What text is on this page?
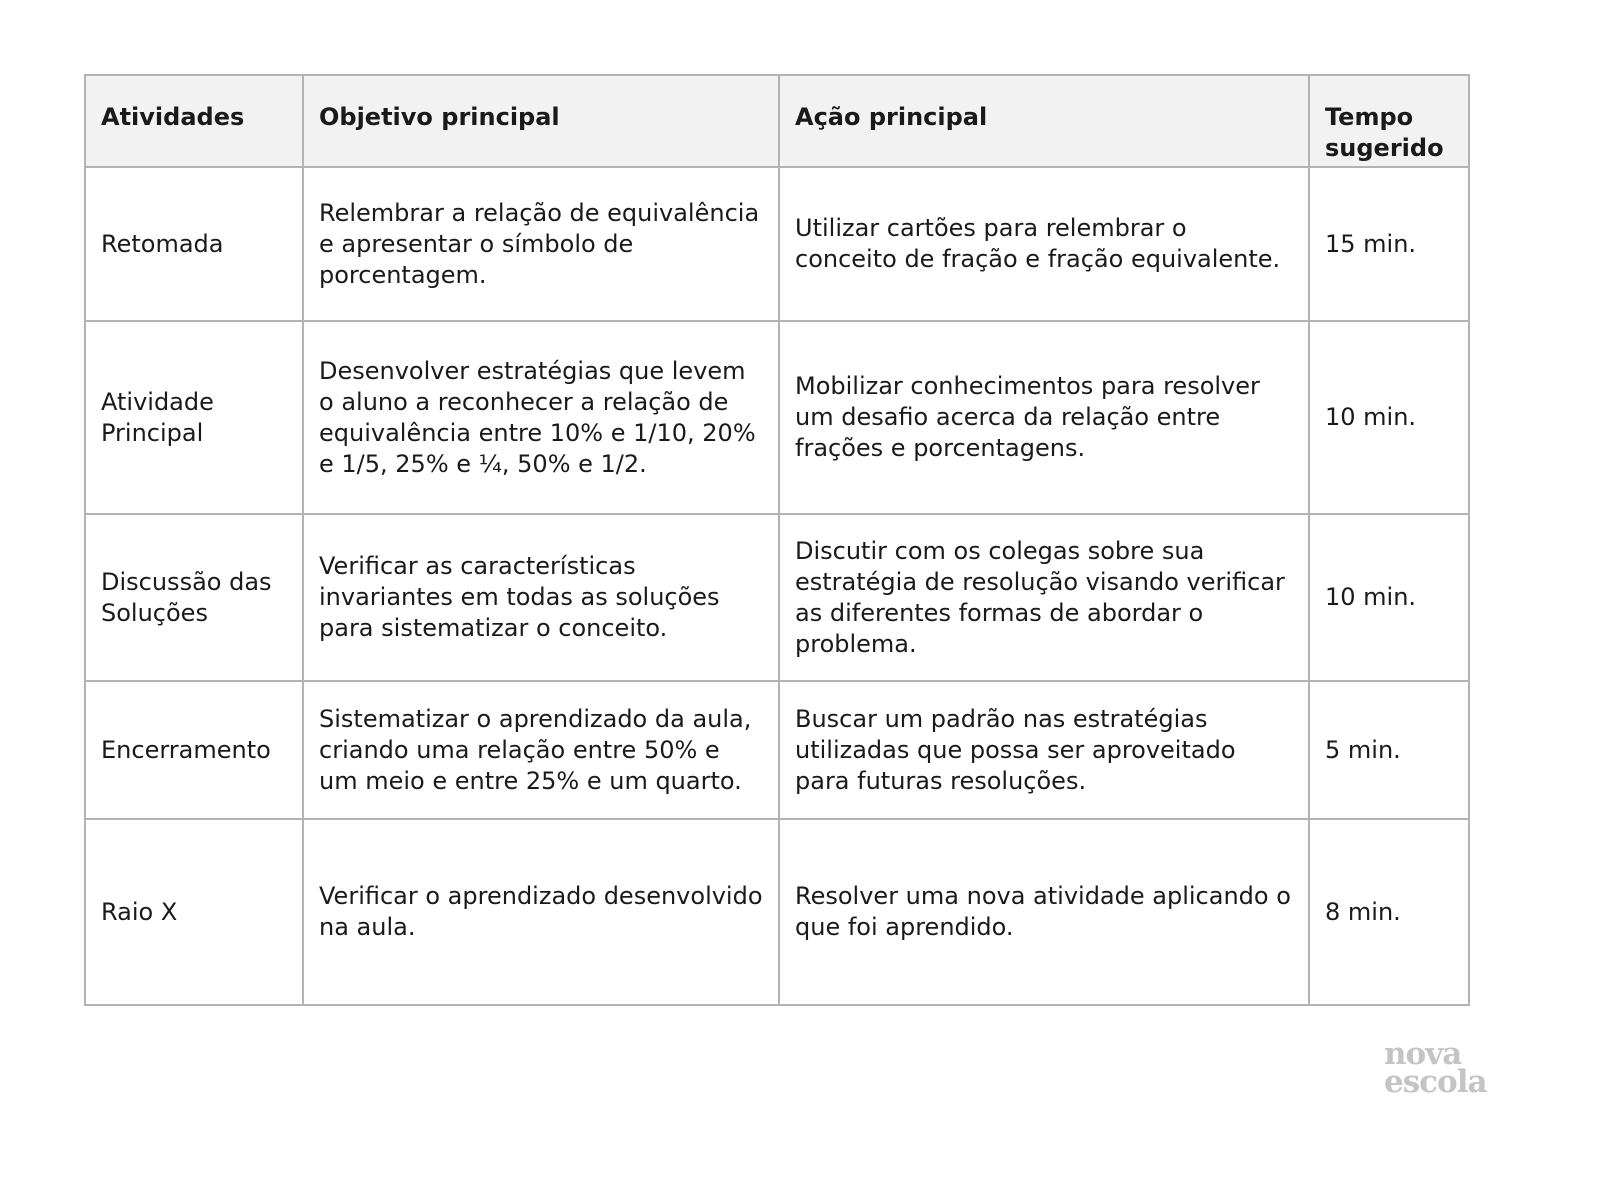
Atividades	Objetivo principal	Ação principal	Tempo sugerido
Retomada	Relembrar a relação de equivalência e apresentar o símbolo de porcentagem.	Utilizar cartões para relembrar o conceito de fração e fração equivalente.	15 min.
Atividade Principal	Desenvolver estratégias que levem o aluno a reconhecer a relação de equivalência entre 10% e 1/10, 20% e 1/5, 25% e ¼, 50% e 1/2.	Mobilizar conhecimentos para resolver um desafio acerca da relação entre frações e porcentagens.	10 min.
Discussão das Soluções	Verificar as características invariantes em todas as soluções para sistematizar o conceito.	Discutir com os colegas sobre sua estratégia de resolução visando verificar as diferentes formas de abordar o problema.	10 min.
Encerramento	Sistematizar o aprendizado da aula, criando uma relação entre 50% e um meio e entre 25% e um quarto.	Buscar um padrão nas estratégias utilizadas que possa ser aproveitado para futuras resoluções.	5 min.
Raio X	Verificar o aprendizado desenvolvido na aula.	Resolver uma nova atividade aplicando o que foi aprendido.	8 min.
nova
escola
